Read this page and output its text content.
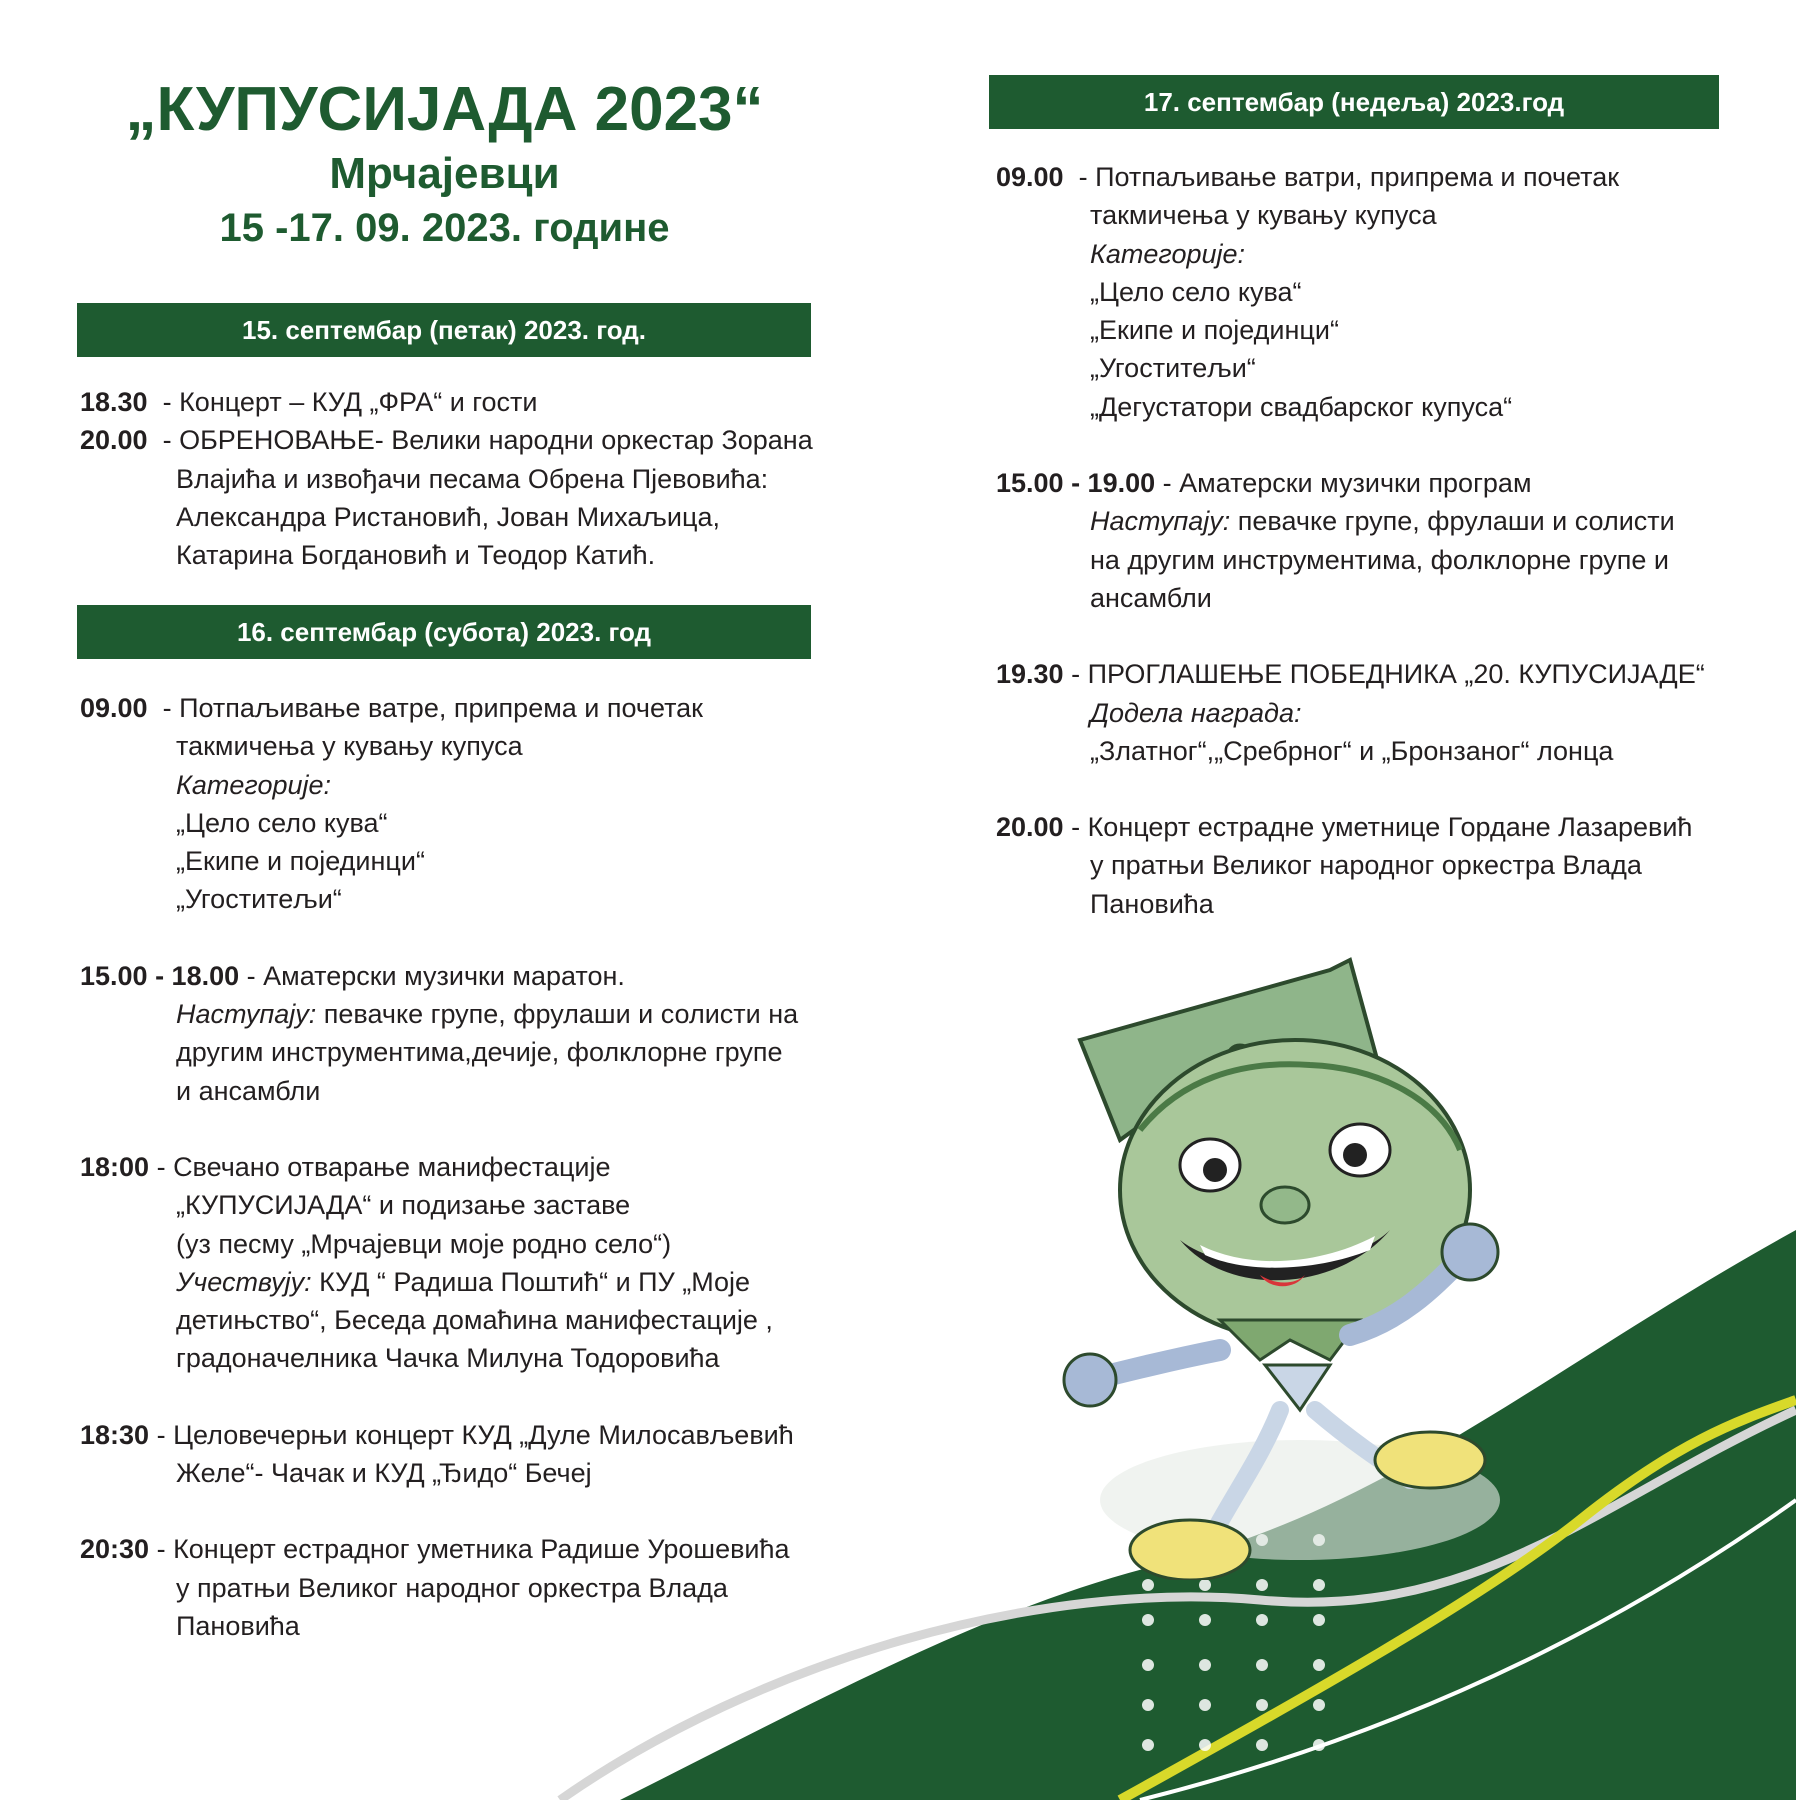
„КУПУСИЈАДА 2023“
Мрчајевци
15 -17. 09. 2023. године
15. септембар (петак) 2023. год.
18.30 - Концерт – КУД „ФРА“ и гости
20.00 - ОБРЕНОВАЊЕ- Велики народни оркестар Зорана
Влајића и извођачи песама Обрена Пјевовића:
Александра Ристановић, Јован Михаљица,
Катарина Богдановић и Теодор Катић.
16. септембар (субота) 2023. год
09.00 - Потпаљивање ватре, припрема и почетак
такмичења у кувању купуса
Категорије:
„Цело село кува“
„Екипе и појединци“
„Угоститељи“
15.00 - 18.00 - Аматерски музички маратон.
Наступају: певачке групе, фрулаши и солисти на
другим инструментима,дечије, фолклорне групе
и ансамбли
18:00 - Свечано отварање манифестације
„КУПУСИЈАДА“ и подизање заставе
(уз песму „Мрчајевци моје родно село“)
Учествују: КУД “ Радиша Поштић“ и ПУ „Моје
детињство“, Беседа домаћина манифестације ,
градоначелника Чачка Милуна Тодоровића
18:30 - Целовечерњи концерт КУД „Дуле Милосављевић
Желе“- Чачак и КУД „Ђидо“ Бечеј
20:30 - Концерт естрадног уметника Радише Урошевића
у пратњи Великог народног оркестра Влада
Пановића
17. септембар (недеља) 2023.год
09.00 - Потпаљивање ватри, припрема и почетак
такмичења у кувању купуса
Категорије:
„Цело село кува“
„Екипе и појединци“
„Угоститељи“
„Дегустатори свадбарског купуса“
15.00 - 19.00 - Аматерски музички програм
Наступају: певачке групе, фрулаши и солисти
на другим инструментима, фолклорне групе и
ансамбли
19.30 - ПРОГЛАШЕЊЕ ПОБЕДНИКА „20. КУПУСИЈАДЕ“
Додела награда:
„Златног“,„Сребрног“ и „Бронзаног“ лонца
20.00 - Концерт естрадне уметнице Гордане Лазаревић
у пратњи Великог народног оркестра Влада
Пановића
